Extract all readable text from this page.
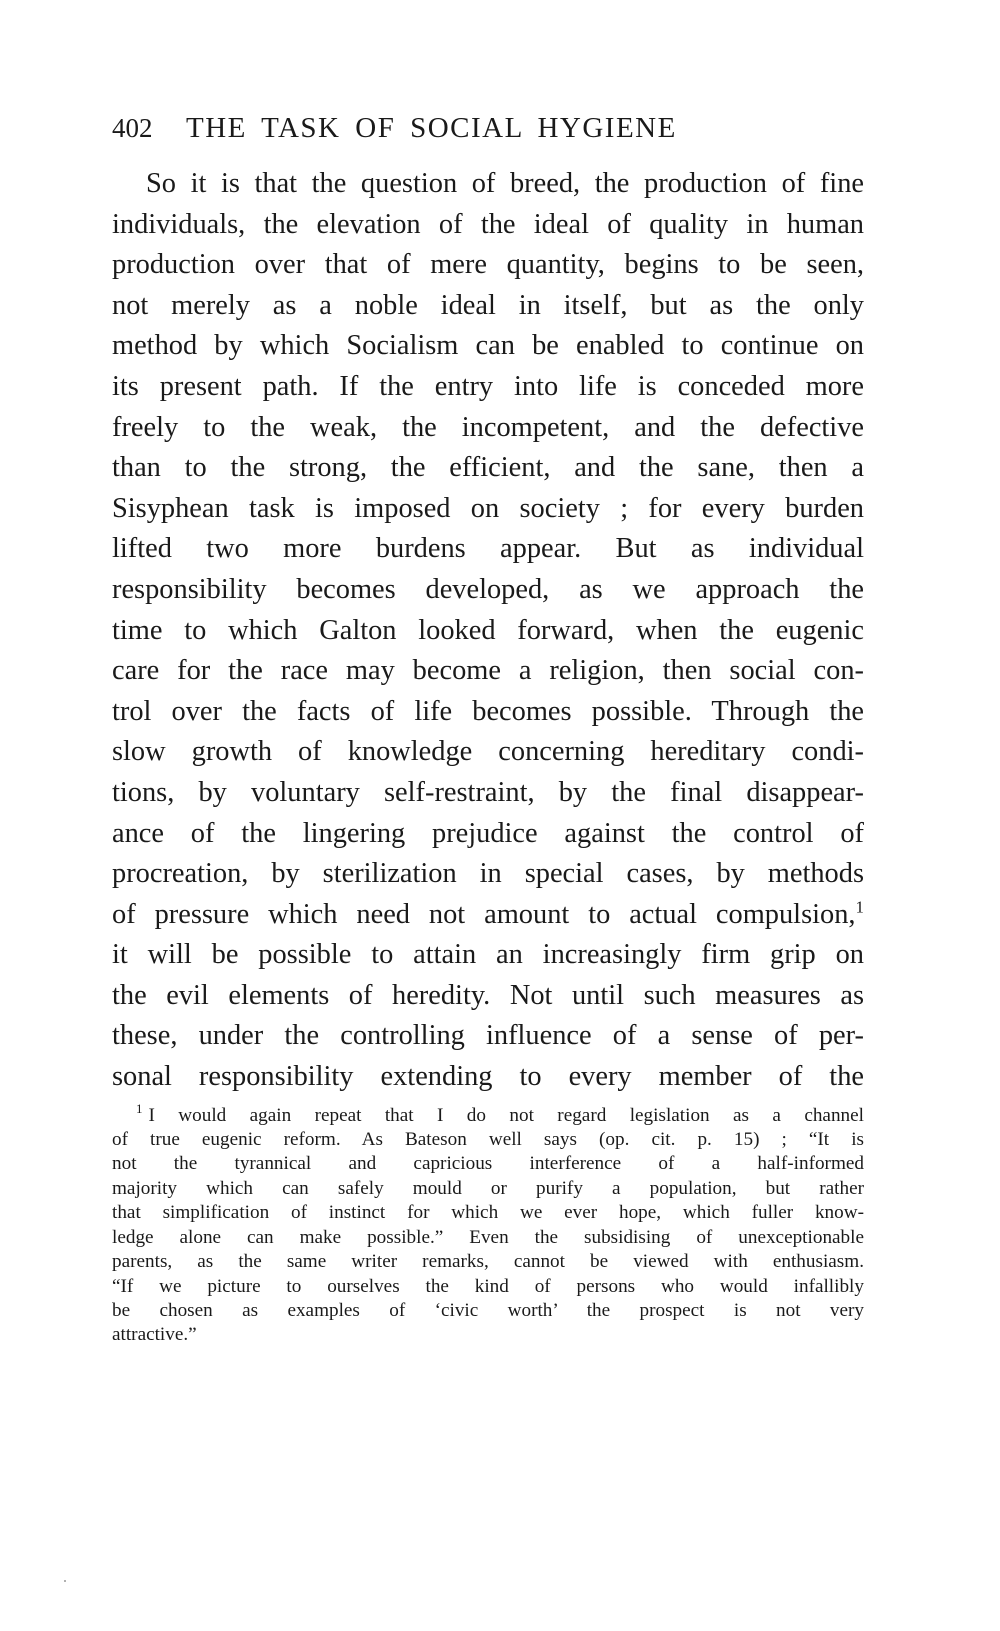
402	THE TASK OF SOCIAL HYGIENE
So it is that the question of breed, the production of fine
individuals, the elevation of the ideal of quality in human
production over that of mere quantity, begins to be seen,
not merely as a noble ideal in itself, but as the only
method by which Socialism can be enabled to continue on
its present path. If the entry into life is conceded more
freely to the weak, the incompetent, and the defective
than to the strong, the efficient, and the sane, then a
Sisyphean task is imposed on society ; for every burden
lifted two more burdens appear. But as individual
responsibility becomes developed, as we approach the
time to which Galton looked forward, when the eugenic
care for the race may become a religion, then social con-
trol over the facts of life becomes possible. Through the
slow growth of knowledge concerning hereditary condi-
tions, by voluntary self-restraint, by the final disappear-
ance of the lingering prejudice against the control of
procreation, by sterilization in special cases, by methods
of pressure which need not amount to actual compulsion,$^1$
it will be possible to attain an increasingly firm grip on
the evil elements of heredity. Not until such measures as
these, under the controlling influence of a sense of per-
sonal responsibility extending to every member of the
$^1$ I would again repeat that I do not regard legislation as a channel
of true eugenic reform. As Bateson well says (op. cit. p. 15) ; “It is
not the tyrannical and capricious interference of a half-informed
majority which can safely mould or purify a population, but rather
that simplification of instinct for which we ever hope, which fuller know-
ledge alone can make possible.” Even the subsidising of unexceptionable
parents, as the same writer remarks, cannot be viewed with enthusiasm.
“If we picture to ourselves the kind of persons who would infallibly
be chosen as examples of ‘civic worth’ the prospect is not very
attractive.”
